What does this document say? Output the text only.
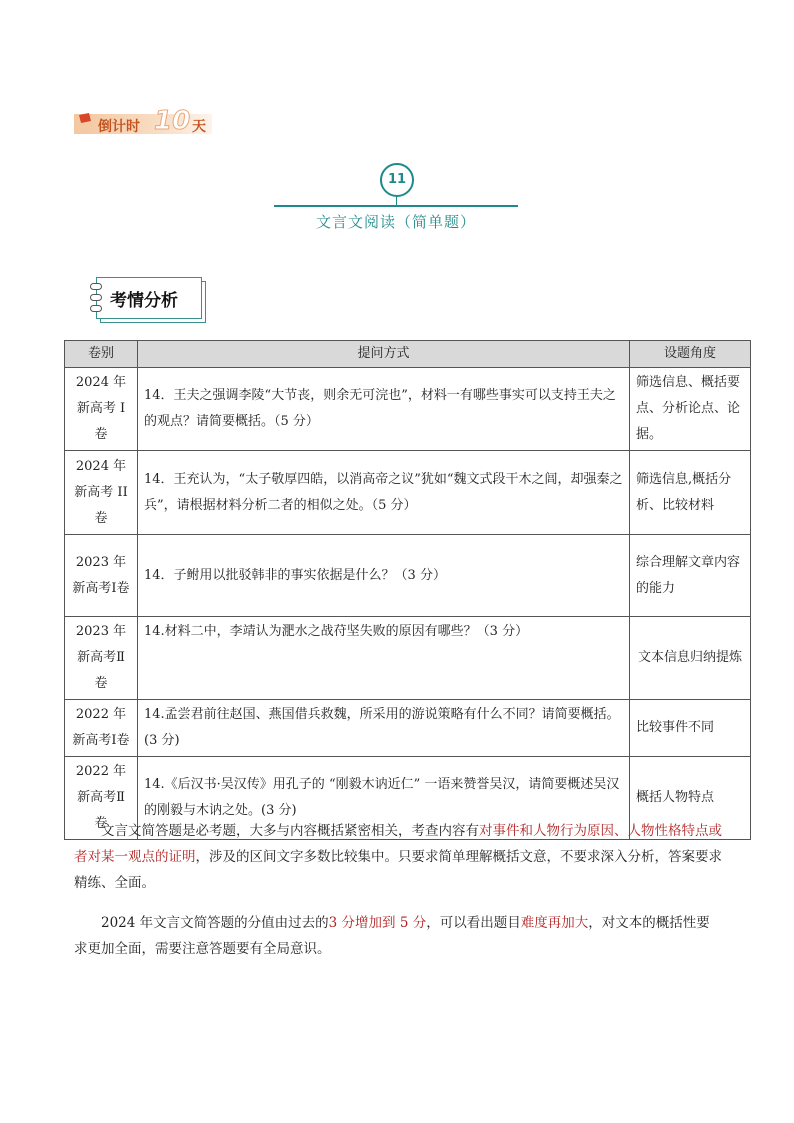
倒计时 10 天
11
文言文阅读（简单题）
考情分析
卷别	提问方式	设题角度
2024 年新高考 I 卷	14．王夫之强调李陵“大节丧，则余无可浣也”，材料一有哪些事实可以支持王夫之的观点？请简要概括。（5 分）	筛选信息、概括要点、分析论点、论据。
2024 年新高考 II 卷	14．王充认为，“太子敬厚四皓，以消高帝之议”犹如“魏文式段干木之闾，却强秦之兵”，请根据材料分析二者的相似之处。（5 分）	筛选信息,概括分析、比较材料
2023 年新高考Ⅰ卷	14．子鲋用以批驳韩非的事实依据是什么？（3 分）	综合理解文章内容的能力
2023 年新高考Ⅱ卷	14.材料二中，李靖认为淝水之战苻坚失败的原因有哪些？（3 分）	文本信息归纳提炼
2022 年新高考Ⅰ卷	14.孟尝君前往赵国、燕国借兵救魏，所采用的游说策略有什么不同？请简要概括。(3 分)	比较事件不同
2022 年新高考Ⅱ卷	14.《后汉书·吴汉传》用孔子的 “刚毅木讷近仁” 一语来赞誉吴汉，请简要概述吴汉的刚毅与木讷之处。(3 分)	概括人物特点

文言文简答题是必考题，大多与内容概括紧密相关，考查内容有对事件和人物行为原因、人物性格特点或者对某一观点的证明，涉及的区间文字多数比较集中。只要求简单理解概括文意，不要求深入分析，答案要求精练、全面。

2024 年文言文简答题的分值由过去的3 分增加到 5 分，可以看出题目难度再加大，对文本的概括性要求更加全面，需要注意答题要有全局意识。
